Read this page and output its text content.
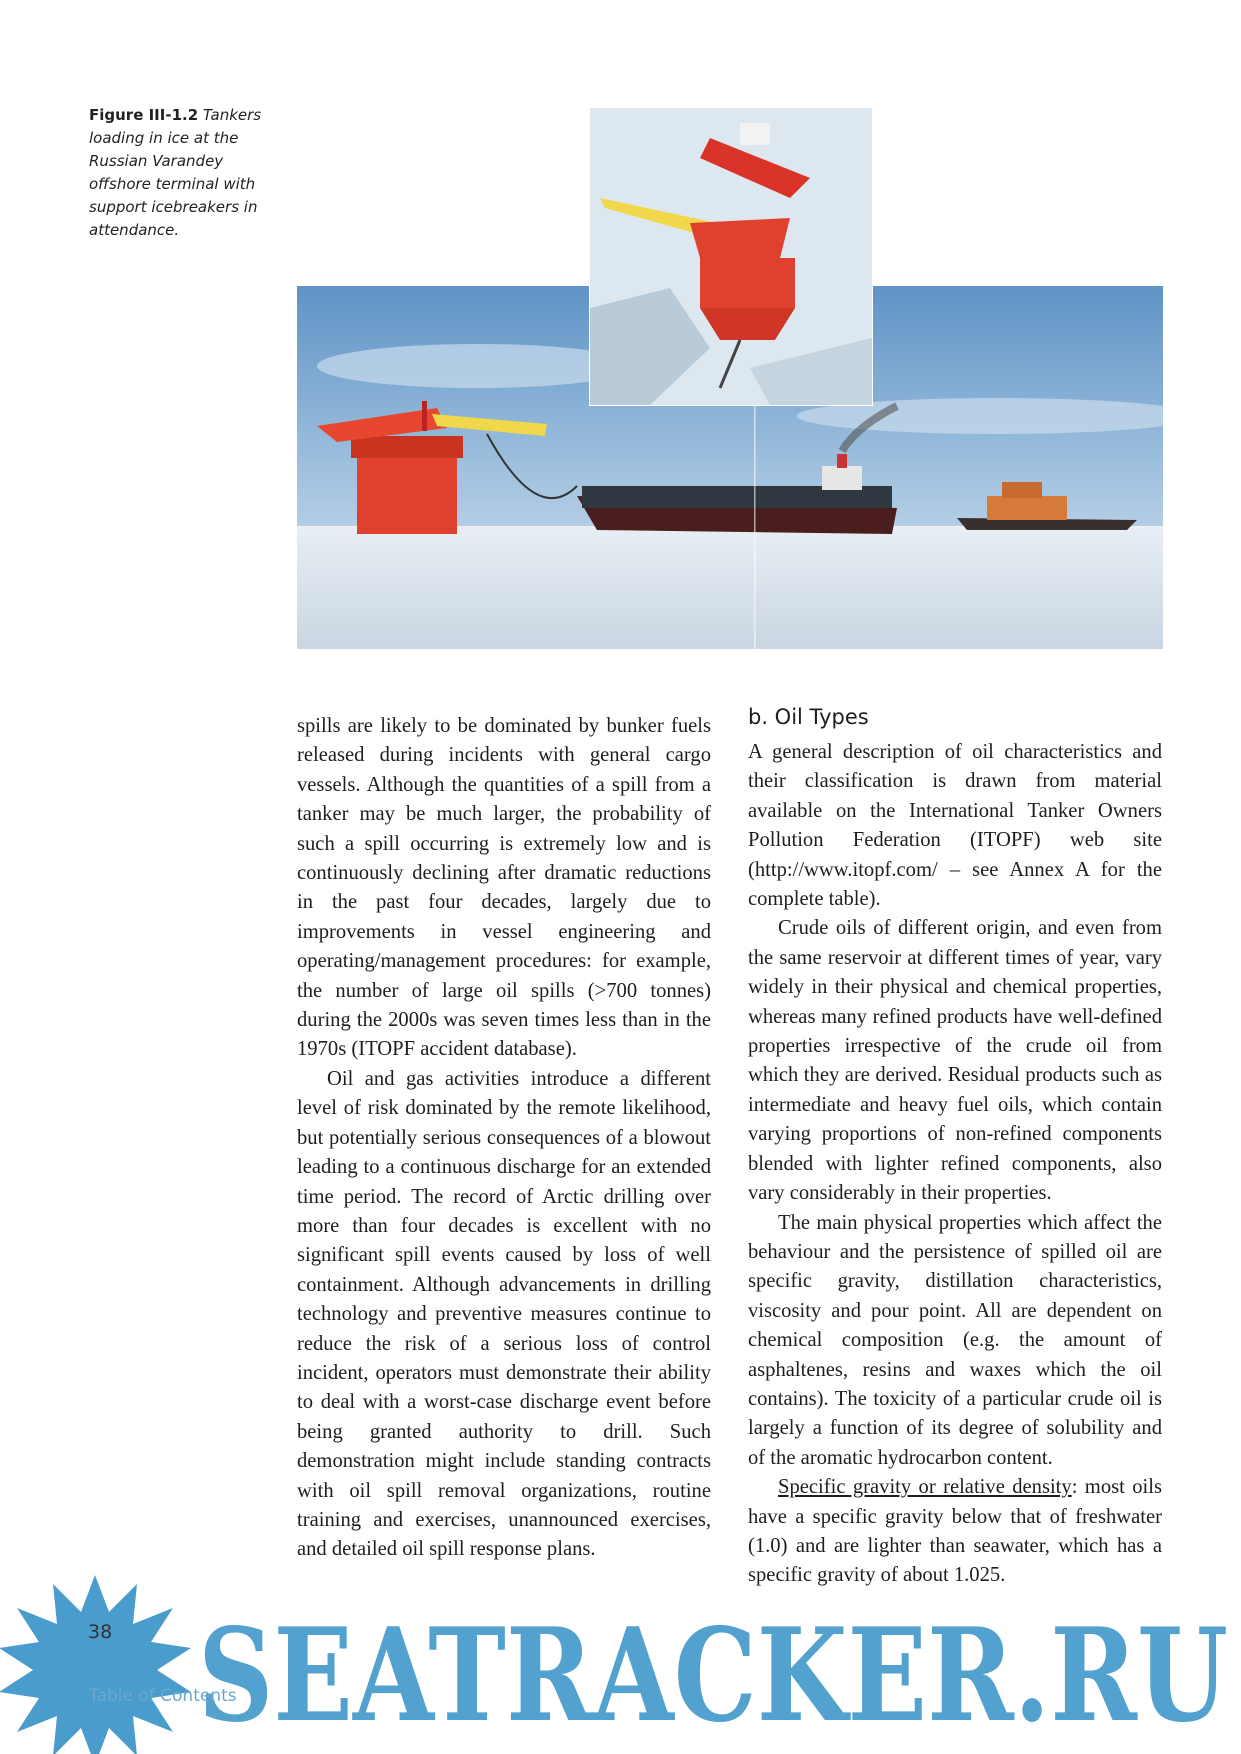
Figure III-1.2 Tankers loading in ice at the Russian Varandey offshore terminal with support icebreakers in attendance.

spills are likely to be dominated by bunker fuels released during incidents with general cargo vessels. Although the quantities of a spill from a tanker may be much larger, the probability of such a spill occurring is extremely low and is continuously declining after dramatic reductions in the past four decades, largely due to improvements in vessel engineering and operating/management procedures: for example, the number of large oil spills (>700 tonnes) during the 2000s was seven times less than in the 1970s (ITOPF accident database).

Oil and gas activities introduce a different level of risk dominated by the remote likelihood, but potentially serious consequences of a blowout leading to a continuous discharge for an extended time period. The record of Arctic drilling over more than four decades is excellent with no significant spill events caused by loss of well containment. Although advancements in drilling technology and preventive measures continue to reduce the risk of a serious loss of control incident, operators must demonstrate their ability to deal with a worst-case discharge event before being granted authority to drill. Such demonstration might include standing contracts with oil spill removal organizations, routine training and exercises, unannounced exercises, and detailed oil spill response plans.

b. Oil Types

A general description of oil characteristics and their classification is drawn from material available on the International Tanker Owners Pollution Federation (ITOPF) web site (http://www.itopf.com/ – see Annex A for the complete table).

Crude oils of different origin, and even from the same reservoir at different times of year, vary widely in their physical and chemical properties, whereas many refined products have well-defined properties irrespective of the crude oil from which they are derived. Residual products such as intermediate and heavy fuel oils, which contain varying proportions of non-refined components blended with lighter refined components, also vary considerably in their properties.

The main physical properties which affect the behaviour and the persistence of spilled oil are specific gravity, distillation characteristics, viscosity and pour point. All are dependent on chemical composition (e.g. the amount of asphaltenes, resins and waxes which the oil contains). The toxicity of a particular crude oil is largely a function of its degree of solubility and of the aromatic hydrocarbon content.

Specific gravity or relative density: most oils have a specific gravity below that of freshwater (1.0) and are lighter than seawater, which has a specific gravity of about 1.025.

SEATRACKER.RU
38
Table of Contents
